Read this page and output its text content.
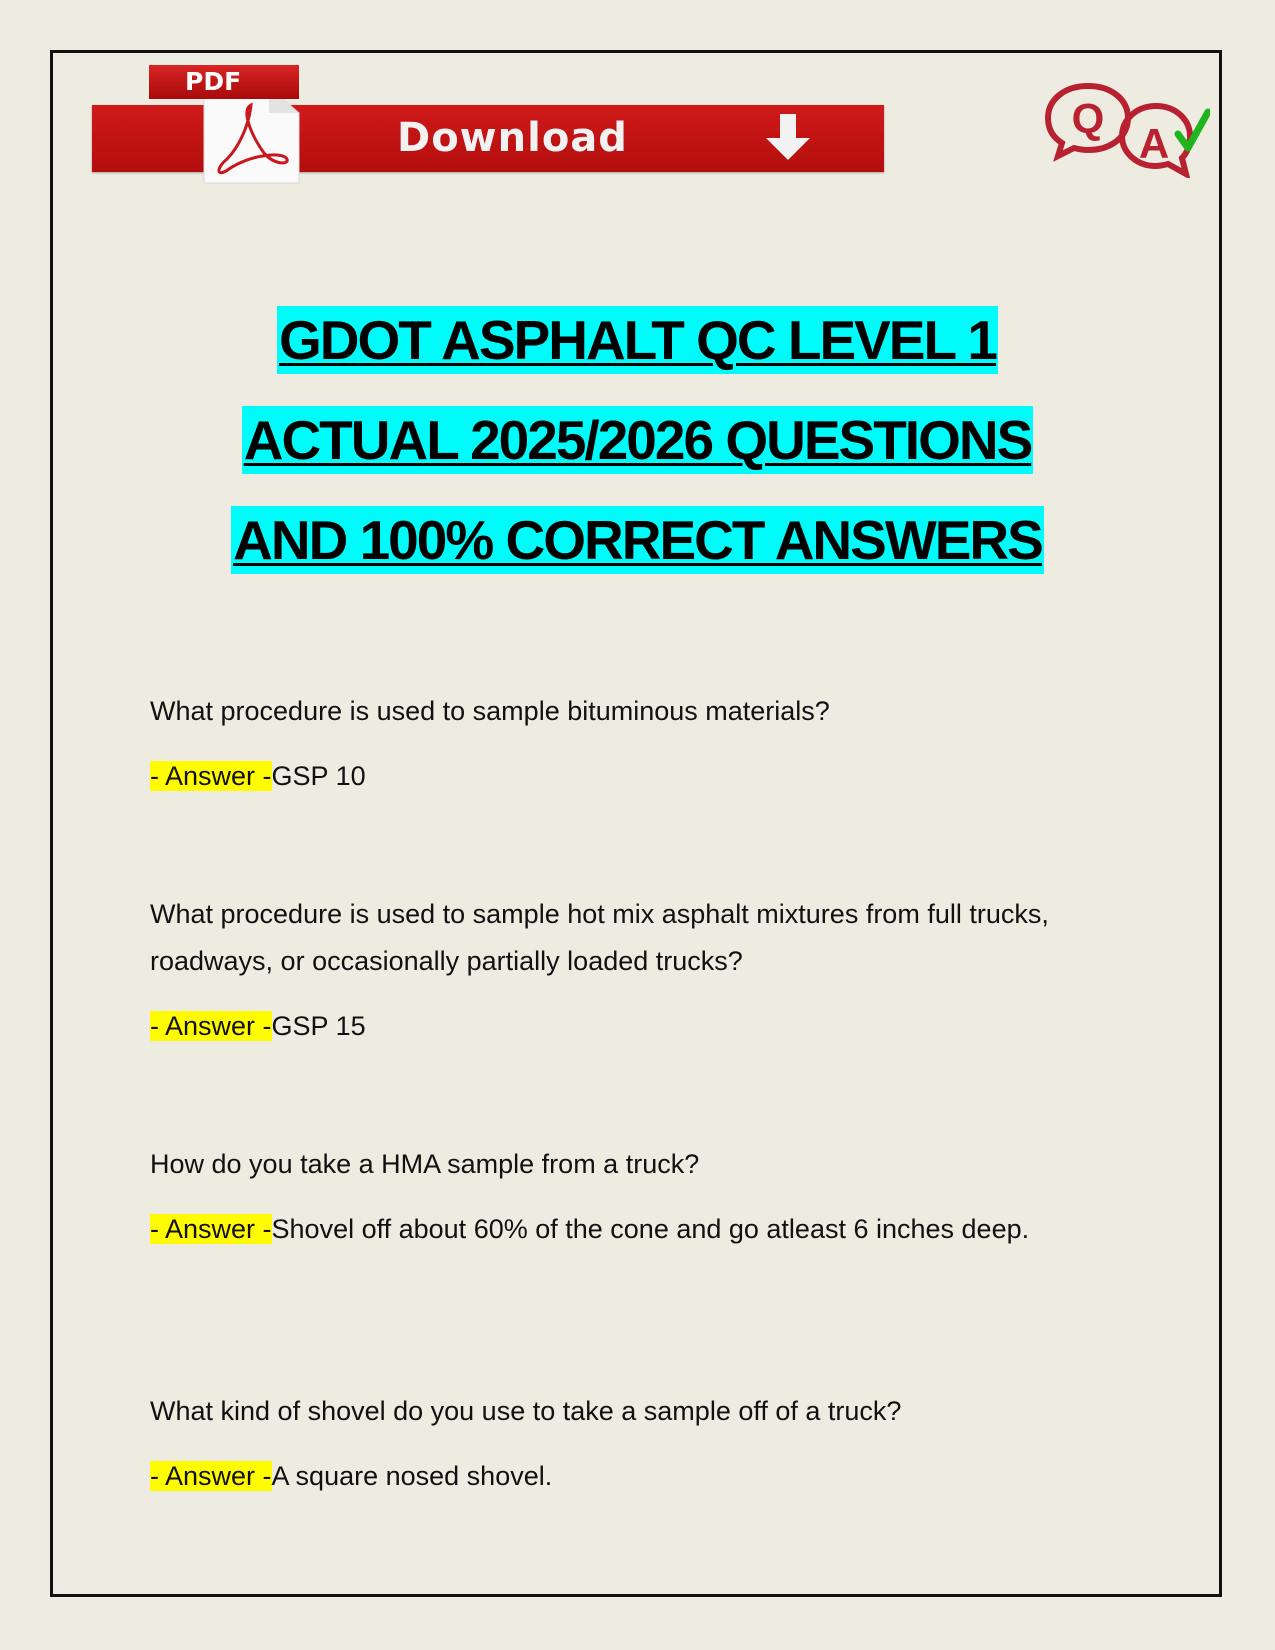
PDF
Download	Q
A
GDOT ASPHALT QC LEVEL 1
ACTUAL 2025/2026 QUESTIONS
AND 100% CORRECT ANSWERS

What procedure is used to sample bituminous materials?

- Answer -GSP 10

What procedure is used to sample hot mix asphalt mixtures from full trucks, roadways, or occasionally partially loaded trucks?

- Answer -GSP 15

How do you take a HMA sample from a truck?

- Answer -Shovel off about 60% of the cone and go atleast 6 inches deep.

What kind of shovel do you use to take a sample off of a truck?

- Answer -A square nosed shovel.
